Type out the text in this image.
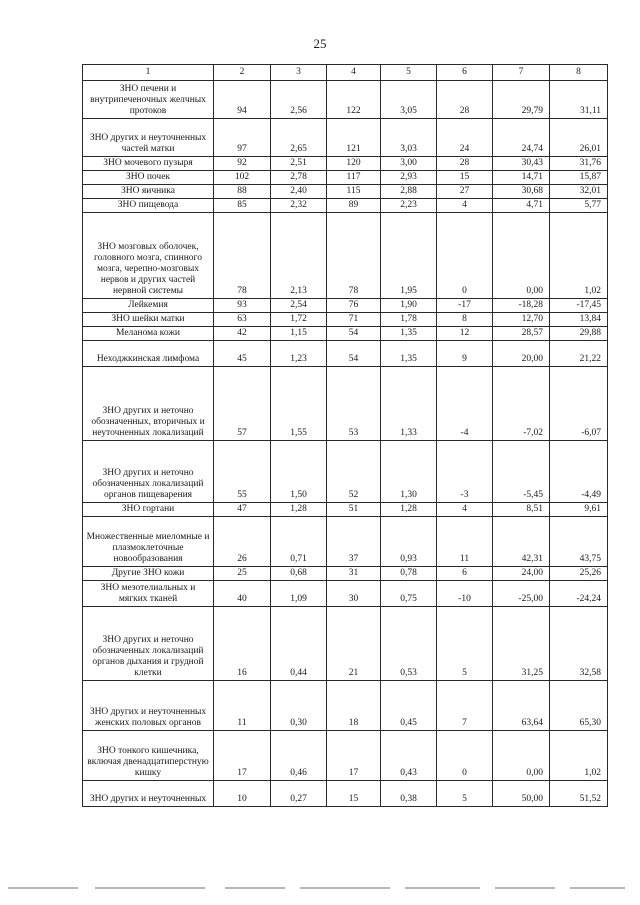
25
1	2	3	4	5	6	7	8
ЗНО печени и внутрипеченочных желчных протоков	94	2,56	122	3,05	28	29,79	31,11
ЗНО других и неуточненных частей матки	97	2,65	121	3,03	24	24,74	26,01
ЗНО мочевого пузыря	92	2,51	120	3,00	28	30,43	31,76
ЗНО почек	102	2,78	117	2,93	15	14,71	15,87
ЗНО яичника	88	2,40	115	2,88	27	30,68	32,01
ЗНО пищевода	85	2,32	89	2,23	4	4,71	5,77
ЗНО мозговых оболочек, головного мозга, спинного мозга, черепно-мозговых нервов и других частей нервной системы	78	2,13	78	1,95	0	0,00	1,02
Лейкемия	93	2,54	76	1,90	-17	-18,28	-17,45
ЗНО шейки матки	63	1,72	71	1,78	8	12,70	13,84
Меланома кожи	42	1,15	54	1,35	12	28,57	29,88
Неходжкинская лимфома	45	1,23	54	1,35	9	20,00	21,22
ЗНО других и неточно обозначенных, вторичных и неуточненных локализаций	57	1,55	53	1,33	-4	-7,02	-6,07
ЗНО других и неточно обозначенных локализаций органов пищеварения	55	1,50	52	1,30	-3	-5,45	-4,49
ЗНО гортани	47	1,28	51	1,28	4	8,51	9,61
Множественные миеломные и плазмоклеточные новообразования	26	0,71	37	0,93	11	42,31	43,75
Другие ЗНО кожи	25	0,68	31	0,78	6	24,00	25,26
ЗНО мезотелиальных и мягких тканей	40	1,09	30	0,75	-10	-25,00	-24,24
ЗНО других и неточно обозначенных локализаций органов дыхания и грудной клетки	16	0,44	21	0,53	5	31,25	32,58
ЗНО других и неуточненных женских половых органов	11	0,30	18	0,45	7	63,64	65,30
ЗНО тонкого кишечника, включая двенадцатиперстную кишку	17	0,46	17	0,43	0	0,00	1,02
ЗНО других и неуточненных	10	0,27	15	0,38	5	50,00	51,52
